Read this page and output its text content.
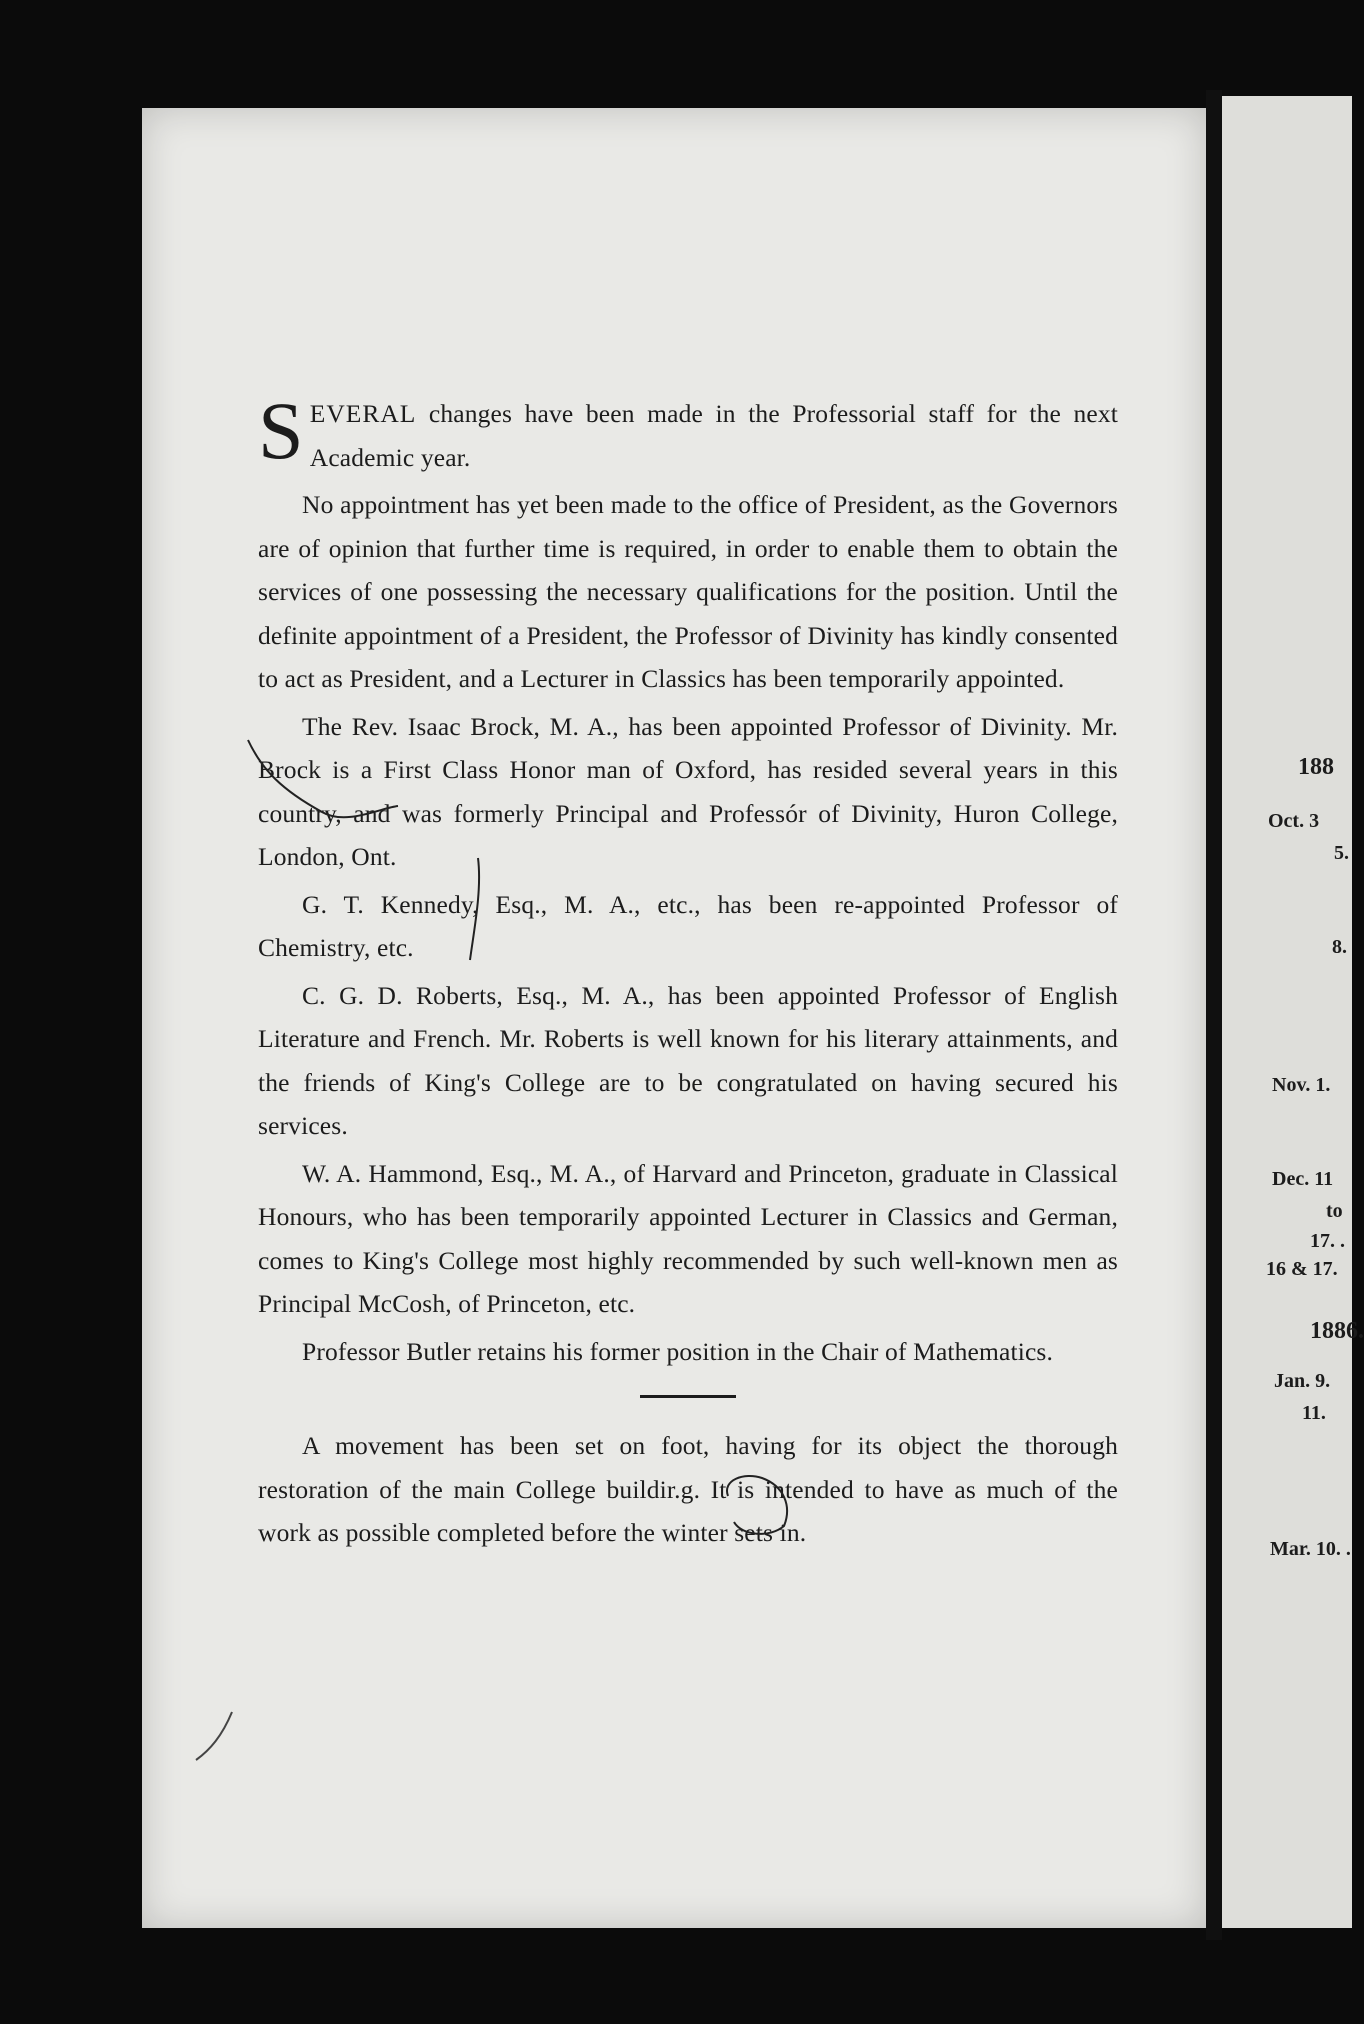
SEVERAL changes have been made in the Professorial staff for the next Academic year.

No appointment has yet been made to the office of President, as the Governors are of opinion that further time is required, in order to enable them to obtain the services of one possessing the necessary qualifications for the position. Until the definite appointment of a President, the Professor of Divinity has kindly consented to act as President, and a Lecturer in Classics has been temporarily appointed.

The Rev. Isaac Brock, M. A., has been appointed Professor of Divinity. Mr. Brock is a First Class Honor man of Oxford, has resided several years in this country, and was formerly Principal and Professór of Divinity, Huron College, London, Ont.

G. T. Kennedy, Esq., M. A., etc., has been re-appointed Professor of Chemistry, etc.

C. G. D. Roberts, Esq., M. A., has been appointed Professor of English Literature and French. Mr. Roberts is well known for his literary attainments, and the friends of King's College are to be congratulated on having secured his services.

W. A. Hammond, Esq., M. A., of Harvard and Princeton, graduate in Classical Honours, who has been temporarily appointed Lecturer in Classics and German, comes to King's College most highly recommended by such well-known men as Principal McCosh, of Princeton, etc.

Professor Butler retains his former position in the Chair of Mathematics.

A movement has been set on foot, having for its object the thorough restoration of the main College buildir.g. It is intended to have as much of the work as possible completed before the winter sets in.

188
Oct. 3
5.
8.
Nov. 1.
Dec. 11
to
17. .
16 & 17.
1886.
Jan. 9.
11.
Mar. 10. .
